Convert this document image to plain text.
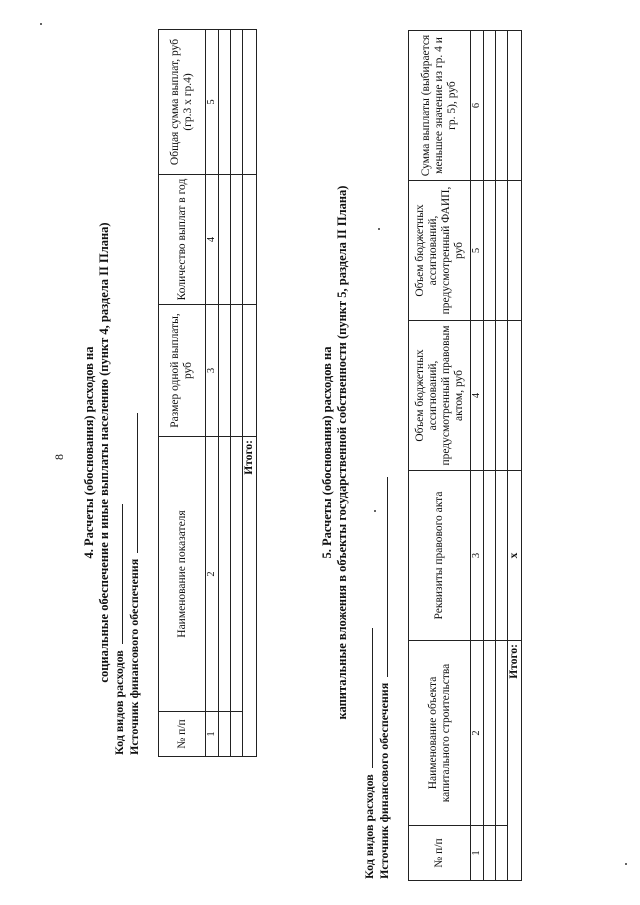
8 4. Расчеты (обоснования) расходов на социальные обеспечение и иные выплаты населению (пункт 4, раздела II Плана)
Код видов расходов Источник финансового обеспечения	№ п/п	Наименование показателя	Размер одной выплаты, руб	Количество выплат в год	Общая сумма выплат, руб (гр.3 х гр.4)
1	2	3	4	5

Итого:					5. Расчеты (обоснования) расходов на капитальные вложения в объекты государственной собственности (пункт 5, раздела II Плана)
Код видов расходов Источник финансового обеспечения	№ п/п	Наименование объекта капитального строительства	Реквизиты правового акта	Объем бюджетных ассигнований, предусмотренный правовым актом, руб	Объем бюджетных ассигнований, предусмотренный ФАИП, руб	Сумма выплаты (выбирается меньшее значение из гр. 4 и гр. 5), руб
1	2	3	4	5	6

Итого:		x			
